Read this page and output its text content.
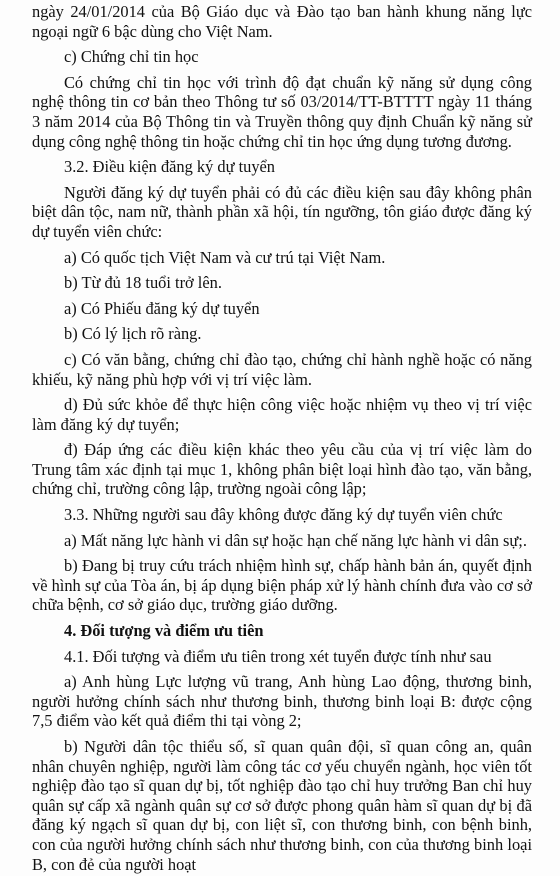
ngày 24/01/2014 của Bộ Giáo dục và Đào tạo ban hành khung năng lực ngoại ngữ 6 bậc dùng cho Việt Nam.

c) Chứng chỉ tin học

Có chứng chỉ tin học với trình độ đạt chuẩn kỹ năng sử dụng công nghệ thông tin cơ bản theo Thông tư số 03/2014/TT-BTTTT ngày 11 tháng 3 năm 2014 của Bộ Thông tin và Truyền thông quy định Chuẩn kỹ năng sử dụng công nghệ thông tin hoặc chứng chỉ tin học ứng dụng tương đương.

3.2. Điều kiện đăng ký dự tuyển

Người đăng ký dự tuyển phải có đủ các điều kiện sau đây không phân biệt dân tộc, nam nữ, thành phần xã hội, tín ngưỡng, tôn giáo được đăng ký dự tuyển viên chức:

a) Có quốc tịch Việt Nam và cư trú tại Việt Nam.

b) Từ đủ 18 tuổi trở lên.

a) Có Phiếu đăng ký dự tuyển

b) Có lý lịch rõ ràng.

c) Có văn bằng, chứng chỉ đào tạo, chứng chỉ hành nghề hoặc có năng khiếu, kỹ năng phù hợp với vị trí việc làm.

d) Đủ sức khỏe để thực hiện công việc hoặc nhiệm vụ theo vị trí việc làm đăng ký dự tuyển;

đ) Đáp ứng các điều kiện khác theo yêu cầu của vị trí việc làm do Trung tâm xác định tại mục 1, không phân biệt loại hình đào tạo, văn bằng, chứng chỉ, trường công lập, trường ngoài công lập;

3.3. Những người sau đây không được đăng ký dự tuyển viên chức

a) Mất năng lực hành vi dân sự hoặc hạn chế năng lực hành vi dân sự;.

b) Đang bị truy cứu trách nhiệm hình sự, chấp hành bản án, quyết định về hình sự của Tòa án, bị áp dụng biện pháp xử lý hành chính đưa vào cơ sở chữa bệnh, cơ sở giáo dục, trường giáo dưỡng.

4. Đối tượng và điểm ưu tiên

4.1. Đối tượng và điểm ưu tiên trong xét tuyển được tính như sau

a) Anh hùng Lực lượng vũ trang, Anh hùng Lao động, thương binh, người hưởng chính sách như thương binh, thương binh loại B: được cộng 7,5 điểm vào kết quả điểm thi tại vòng 2;

b) Người dân tộc thiểu số, sĩ quan quân đội, sĩ quan công an, quân nhân chuyên nghiệp, người làm công tác cơ yếu chuyển ngành, học viên tốt nghiệp đào tạo sĩ quan dự bị, tốt nghiệp đào tạo chỉ huy trưởng Ban chỉ huy quân sự cấp xã ngành quân sự cơ sở được phong quân hàm sĩ quan dự bị đã đăng ký ngạch sĩ quan dự bị, con liệt sĩ, con thương binh, con bệnh binh, con của người hưởng chính sách như thương binh, con của thương binh loại B, con đẻ của người hoạt
